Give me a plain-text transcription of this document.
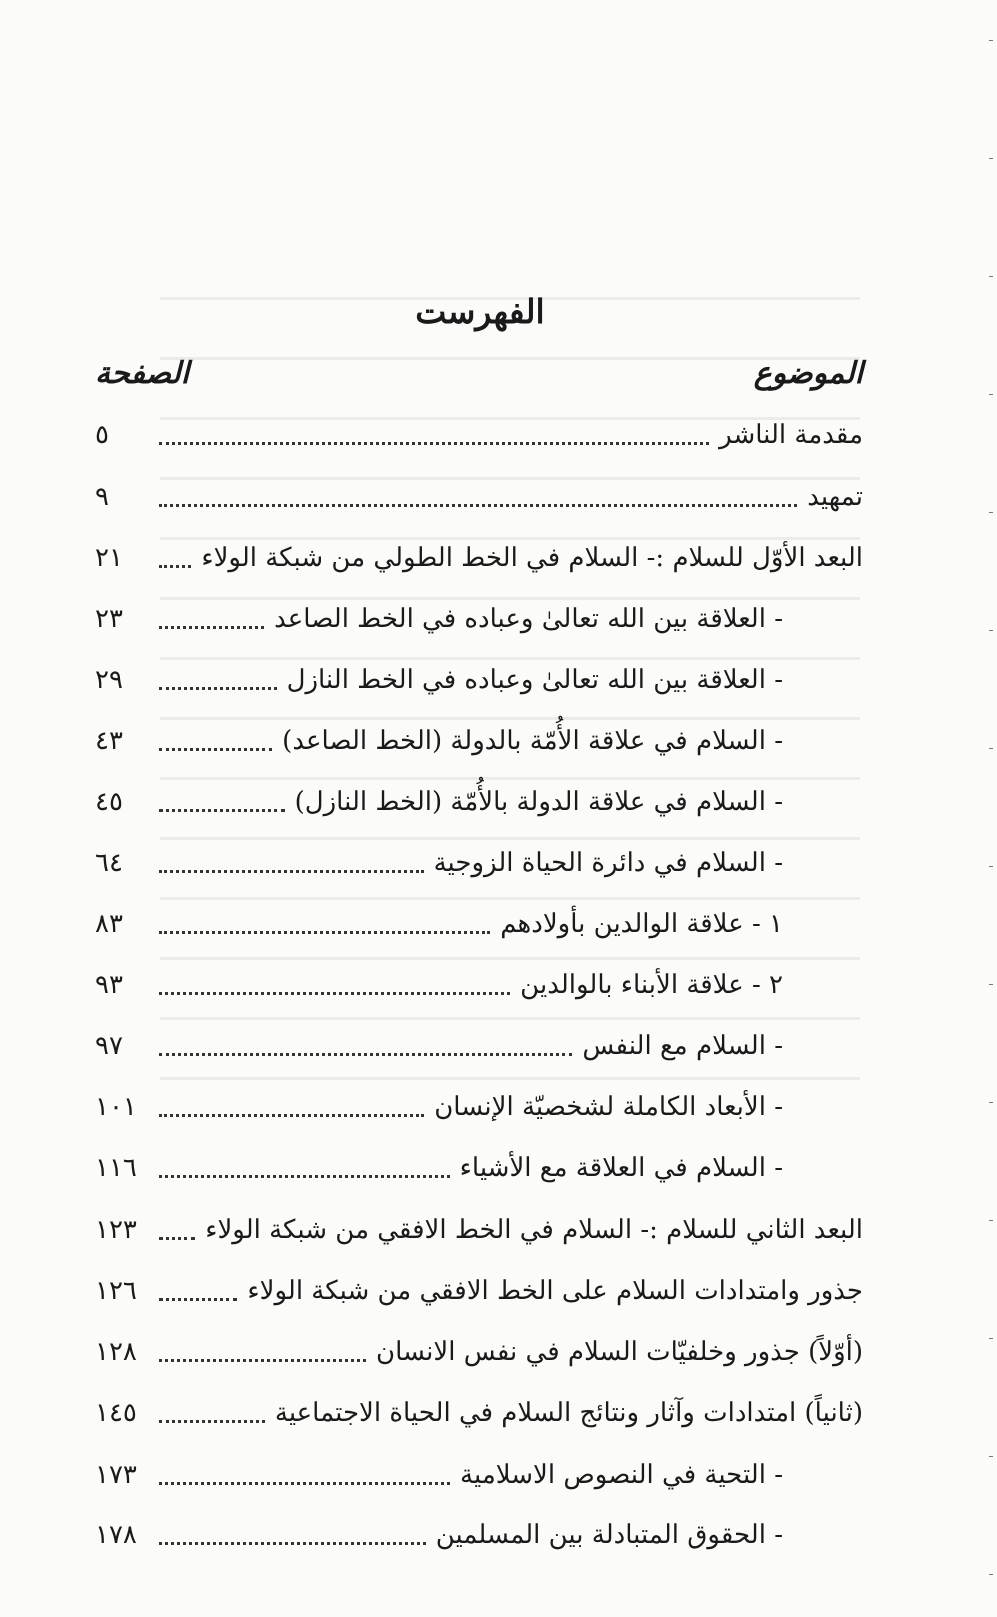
الفهرست
الموضوع
الصفحة
مقدمة الناشر
٥
تمهيد
٩
البعد الأوّل للسلام :- السلام في الخط الطولي من شبكة الولاء
٢١
- العلاقة بين الله تعالىٰ وعباده في الخط الصاعد
٢٣
- العلاقة بين الله تعالىٰ وعباده في الخط النازل
٢٩
- السلام في علاقة الأُمّة بالدولة (الخط الصاعد)
٤٣
- السلام في علاقة الدولة بالأُمّة (الخط النازل)
٤٥
- السلام في دائرة الحياة الزوجية
٦٤
١ - علاقة الوالدين بأولادهم
٨٣
٢ - علاقة الأبناء بالوالدين
٩٣
- السلام مع النفس
٩٧
- الأبعاد الكاملة لشخصيّة الإنسان
١٠١
- السلام في العلاقة مع الأشياء
١١٦
البعد الثاني للسلام :- السلام في الخط الافقي من شبكة الولاء
١٢٣
جذور وامتدادات السلام على الخط الافقي من شبكة الولاء
١٢٦
(أوّلاً) جذور وخلفيّات السلام في نفس الانسان
١٢٨
(ثانياً) امتدادات وآثار ونتائج السلام في الحياة الاجتماعية
١٤٥
- التحية في النصوص الاسلامية
١٧٣
- الحقوق المتبادلة بين المسلمين
١٧٨
